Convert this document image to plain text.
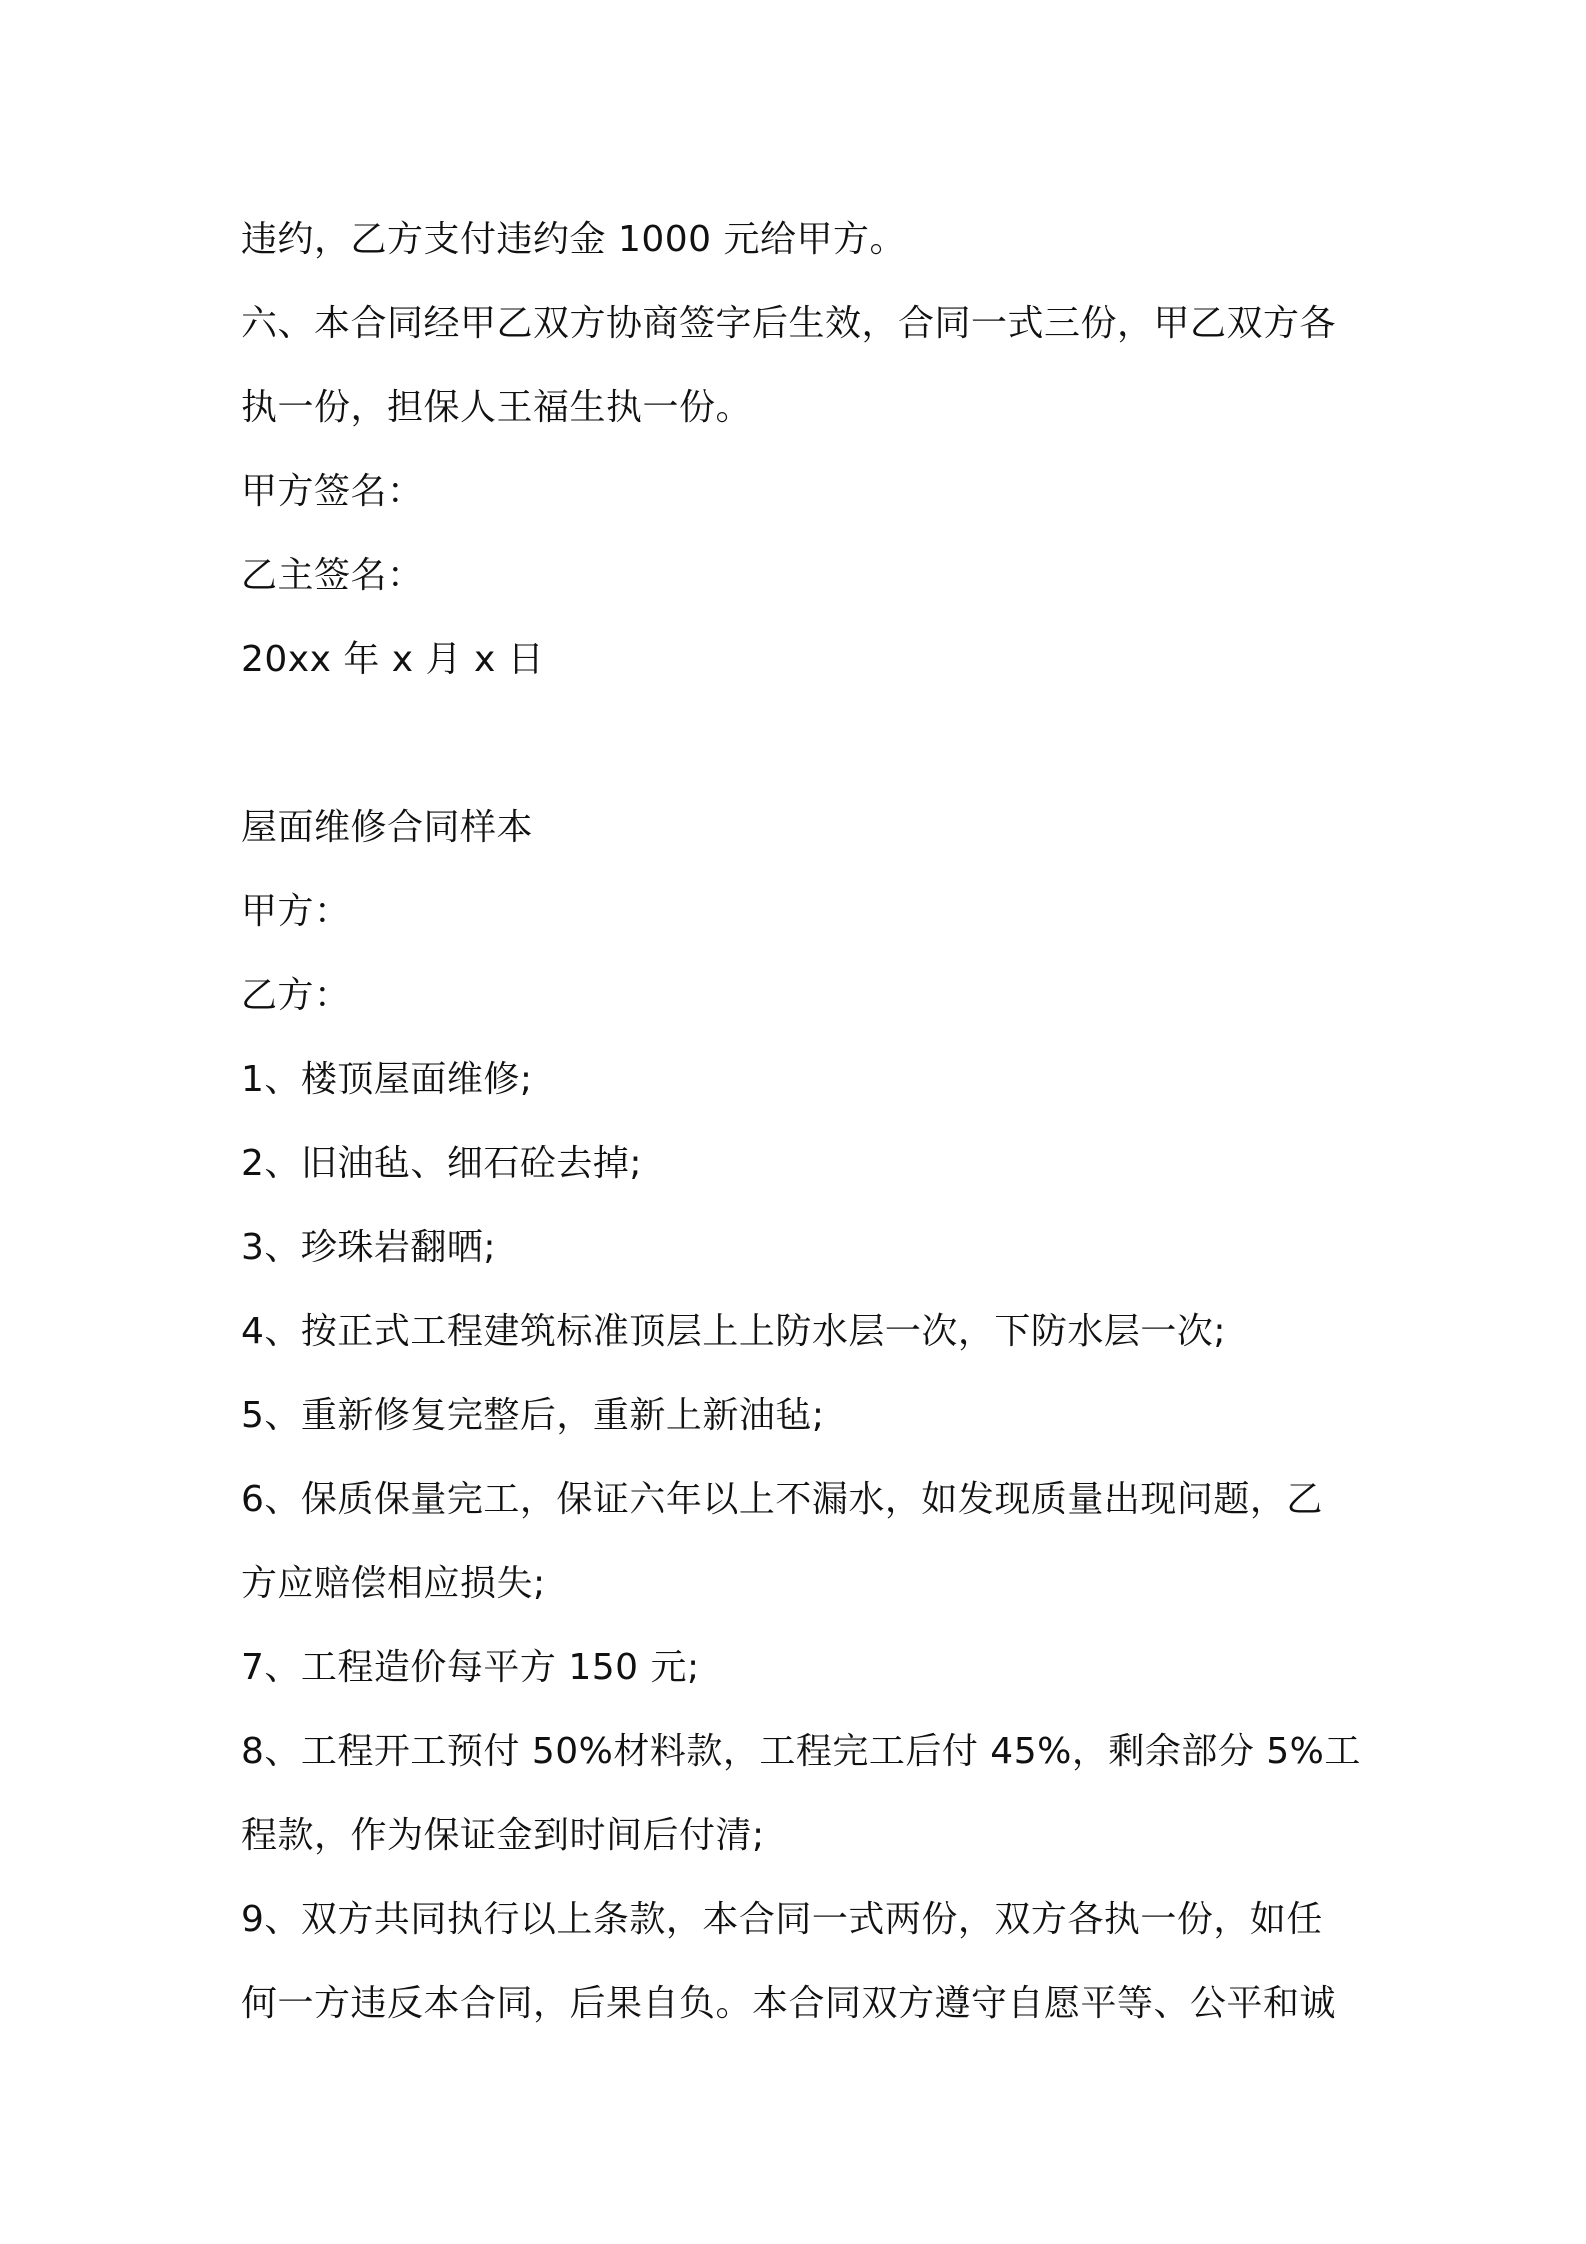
违约，乙方支付违约金 1000 元给甲方。
六、本合同经甲乙双方协商签字后生效，合同一式三份，甲乙双方各
执一份，担保人王福生执一份。
甲方签名：
乙主签名：
20xx 年 x 月 x 日
屋面维修合同样本
甲方：
乙方：
1、楼顶屋面维修;
2、旧油毡、细石砼去掉;
3、珍珠岩翻晒;
4、按正式工程建筑标准顶层上上防水层一次，下防水层一次;
5、重新修复完整后，重新上新油毡;
6、保质保量完工，保证六年以上不漏水，如发现质量出现问题，乙
方应赔偿相应损失;
7、工程造价每平方 150 元;
8、工程开工预付 50%材料款，工程完工后付 45%，剩余部分 5%工
程款，作为保证金到时间后付清;
9、双方共同执行以上条款，本合同一式两份，双方各执一份，如任
何一方违反本合同，后果自负。本合同双方遵守自愿平等、公平和诚
